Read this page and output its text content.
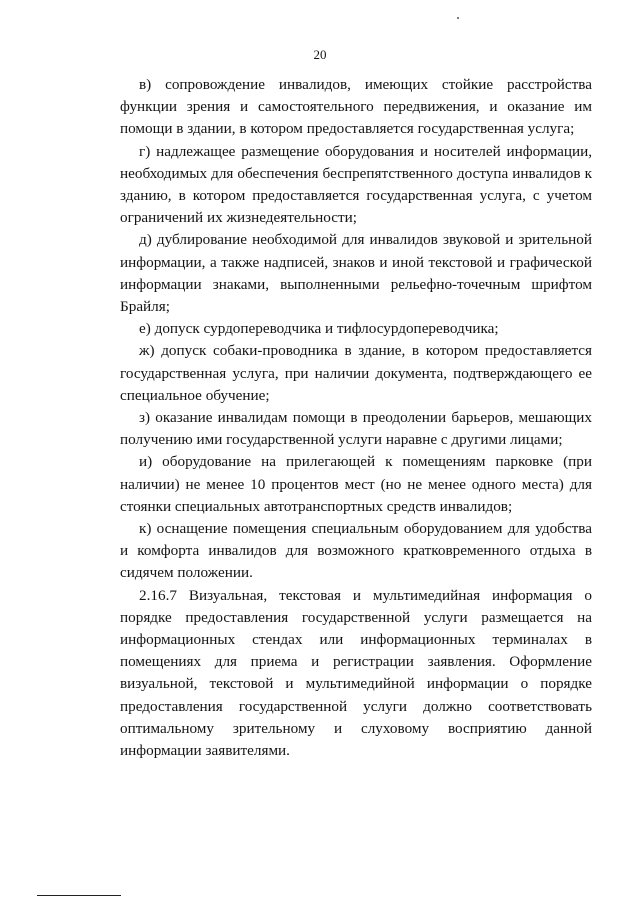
20

в) сопровождение инвалидов, имеющих стойкие расстройства функции зрения и самостоятельного передвижения, и оказание им помощи в здании, в котором предоставляется государственная услуга;

г) надлежащее размещение оборудования и носителей информации, необходимых для обеспечения беспрепятственного доступа инвалидов к зданию, в котором предоставляется государственная услуга, с учетом ограничений их жизнедеятельности;

д) дублирование необходимой для инвалидов звуковой и зрительной информации, а также надписей, знаков и иной текстовой и графической информации знаками, выполненными рельефно-точечным шрифтом Брайля;

е) допуск сурдопереводчика и тифлосурдопереводчика;

ж) допуск собаки-проводника в здание, в котором предоставляется государственная услуга, при наличии документа, подтверждающего ее специальное обучение;

з) оказание инвалидам помощи в преодолении барьеров, мешающих получению ими государственной услуги наравне с другими лицами;

и) оборудование на прилегающей к помещениям парковке (при наличии) не менее 10 процентов мест (но не менее одного места) для стоянки специальных автотранспортных средств инвалидов;

к) оснащение помещения специальным оборудованием для удобства и комфорта инвалидов для возможного кратковременного отдыха в сидячем положении.

2.16.7 Визуальная, текстовая и мультимедийная информация о порядке предоставления государственной услуги размещается на информационных стендах или информационных терминалах в помещениях для приема и регистрации заявления. Оформление визуальной, текстовой и мультимедийной информации о порядке предоставления государственной услуги должно соответствовать оптимальному зрительному и слуховому восприятию данной информации заявителями.
